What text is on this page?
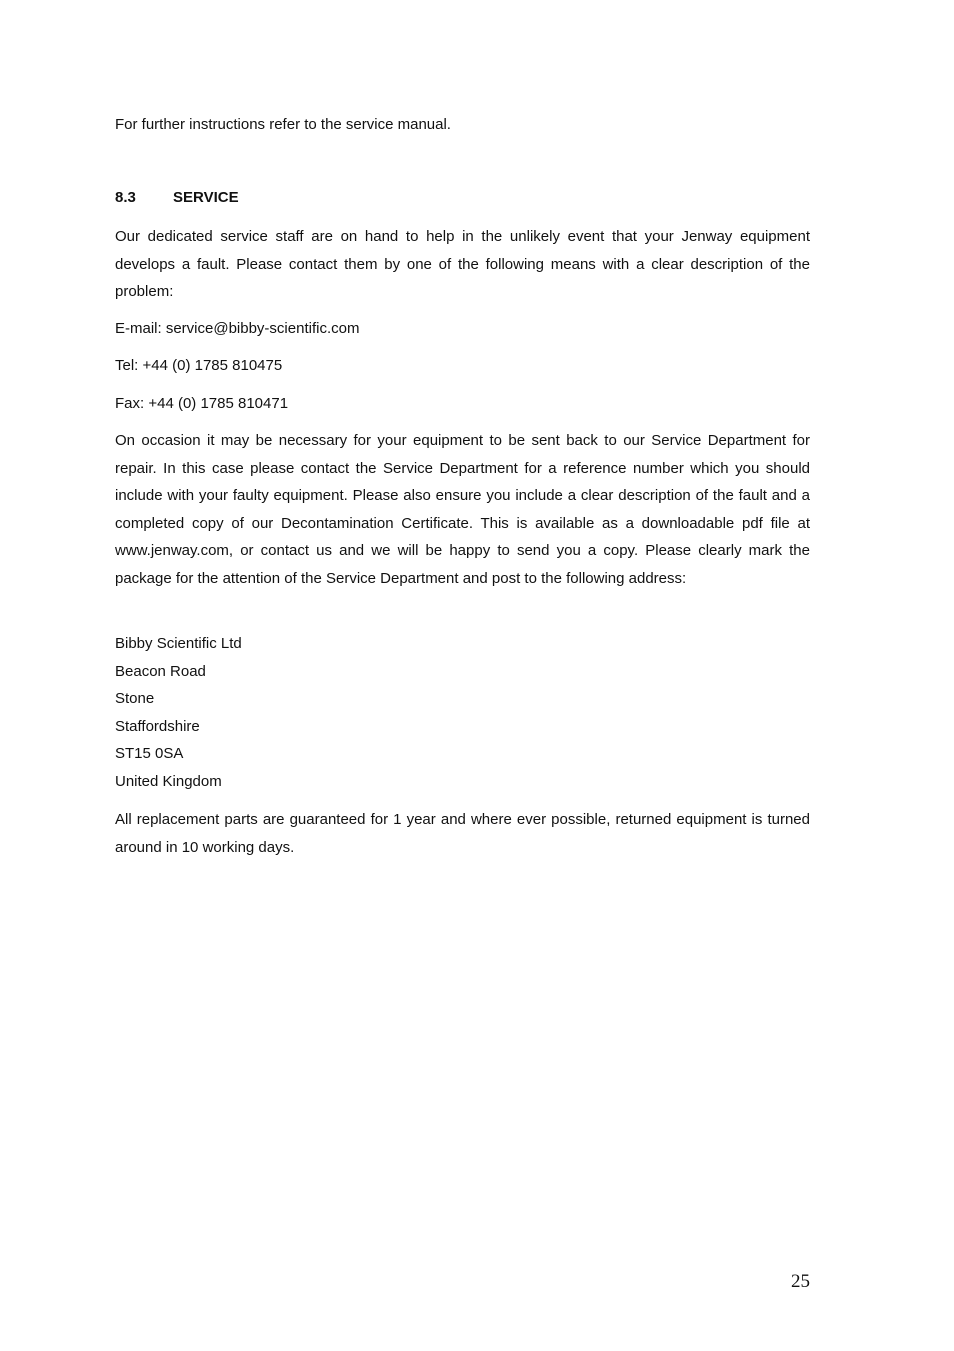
For further instructions refer to the service manual.

8.3 SERVICE

Our dedicated service staff are on hand to help in the unlikely event that your Jenway equipment develops a fault. Please contact them by one of the following means with a clear description of the problem:

E-mail: service@bibby-scientific.com

Tel: +44 (0) 1785 810475

Fax: +44 (0) 1785 810471

On occasion it may be necessary for your equipment to be sent back to our Service Department for repair. In this case please contact the Service Department for a reference number which you should include with your faulty equipment. Please also ensure you include a clear description of the fault and a completed copy of our Decontamination Certificate. This is available as a downloadable pdf file at www.jenway.com, or contact us and we will be happy to send you a copy. Please clearly mark the package for the attention of the Service Department and post to the following address:

Bibby Scientific Ltd
Beacon Road
Stone
Staffordshire
ST15 0SA
United Kingdom

All replacement parts are guaranteed for 1 year and where ever possible, returned equipment is turned around in 10 working days.

25
